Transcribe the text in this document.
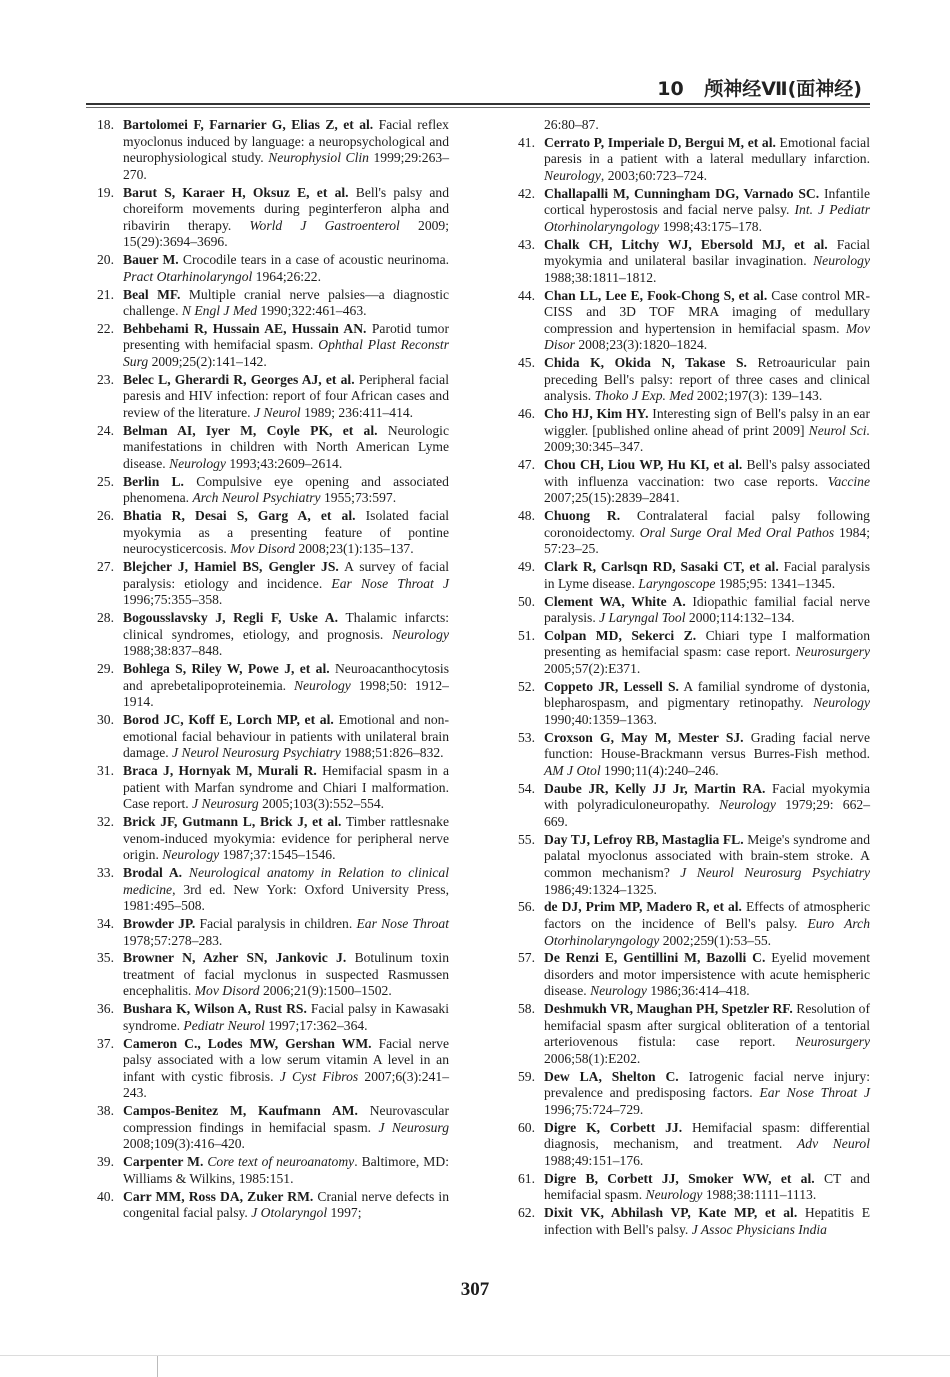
10 颅神经Ⅶ(面神经)
18. Bartolomei F, Farnarier G, Elias Z, et al. Facial reflex myoclonus induced by language: a neuropsychological and neurophysiological study. Neurophysiol Clin 1999;29:263–270.
19. Barut S, Karaer H, Oksuz E, et al. Bell's palsy and choreiform movements during peginterferon alpha and ribavirin therapy. World J Gastroenterol 2009; 15(29):3694–3696.
20. Bauer M. Crocodile tears in a case of acoustic neurinoma. Pract Otarhinolaryngol 1964;26:22.
21. Beal MF. Multiple cranial nerve palsies—a diagnostic challenge. N Engl J Med 1990;322:461–463.
22. Behbehami R, Hussain AE, Hussain AN. Parotid tumor presenting with hemifacial spasm. Ophthal Plast Reconstr Surg 2009;25(2):141–142.
23. Belec L, Gherardi R, Georges AJ, et al. Peripheral facial paresis and HIV infection: report of four African cases and review of the literature. J Neurol 1989; 236:411–414.
24. Belman AI, Iyer M, Coyle PK, et al. Neurologic manifestations in children with North American Lyme disease. Neurology 1993;43:2609–2614.
25. Berlin L. Compulsive eye opening and associated phenomena. Arch Neurol Psychiatry 1955;73:597.
26. Bhatia R, Desai S, Garg A, et al. Isolated facial myokymia as a presenting feature of pontine neurocysticercosis. Mov Disord 2008;23(1):135–137.
27. Blejcher J, Hamiel BS, Gengler JS. A survey of facial paralysis: etiology and incidence. Ear Nose Throat J 1996;75:355–358.
28. Bogousslavsky J, Regli F, Uske A. Thalamic infarcts: clinical syndromes, etiology, and prognosis. Neurology 1988;38:837–848.
29. Bohlega S, Riley W, Powe J, et al. Neuroacanthocytosis and aprebetalipoproteinemia. Neurology 1998;50: 1912–1914.
30. Borod JC, Koff E, Lorch MP, et al. Emotional and non-emotional facial behaviour in patients with unilateral brain damage. J Neurol Neurosurg Psychiatry 1988;51:826–832.
31. Braca J, Hornyak M, Murali R. Hemifacial spasm in a patient with Marfan syndrome and Chiari I malformation. Case report. J Neurosurg 2005;103(3):552–554.
32. Brick JF, Gutmann L, Brick J, et al. Timber rattlesnake venom-induced myokymia: evidence for peripheral nerve origin. Neurology 1987;37:1545–1546.
33. Brodal A. Neurological anatomy in Relation to clinical medicine, 3rd ed. New York: Oxford University Press, 1981:495–508.
34. Browder JP. Facial paralysis in children. Ear Nose Throat 1978;57:278–283.
35. Browner N, Azher SN, Jankovic J. Botulinum toxin treatment of facial myclonus in suspected Rasmussen encephalitis. Mov Disord 2006;21(9):1500–1502.
36. Bushara K, Wilson A, Rust RS. Facial palsy in Kawasaki syndrome. Pediatr Neurol 1997;17:362–364.
37. Cameron C., Lodes MW, Gershan WM. Facial nerve palsy associated with a low serum vitamin A level in an infant with cystic fibrosis. J Cyst Fibros 2007;6(3):241–243.
38. Campos-Benitez M, Kaufmann AM. Neurovascular compression findings in hemifacial spasm. J Neurosurg 2008;109(3):416–420.
39. Carpenter M. Core text of neuroanatomy. Baltimore, MD: Williams & Wilkins, 1985:151.
40. Carr MM, Ross DA, Zuker RM. Cranial nerve defects in congenital facial palsy. J Otolaryngol 1997;
26:80–87.
41. Cerrato P, Imperiale D, Bergui M, et al. Emotional facial paresis in a patient with a lateral medullary infarction. Neurology, 2003;60:723–724.
42. Challapalli M, Cunningham DG, Varnado SC. Infantile cortical hyperostosis and facial nerve palsy. Int. J Pediatr Otorhinolaryngology 1998;43:175–178.
43. Chalk CH, Litchy WJ, Ebersold MJ, et al. Facial myokymia and unilateral basilar invagination. Neurology 1988;38:1811–1812.
44. Chan LL, Lee E, Fook-Chong S, et al. Case control MR-CISS and 3D TOF MRA imaging of medullary compression and hypertension in hemifacial spasm. Mov Disor 2008;23(3):1820–1824.
45. Chida K, Okida N, Takase S. Retroauricular pain preceding Bell's palsy: report of three cases and clinical analysis. Thoko J Exp. Med 2002;197(3): 139–143.
46. Cho HJ, Kim HY. Interesting sign of Bell's palsy in an ear wiggler. [published online ahead of print 2009] Neurol Sci. 2009;30:345–347.
47. Chou CH, Liou WP, Hu KI, et al. Bell's palsy associated with influenza vaccination: two case reports. Vaccine 2007;25(15):2839–2841.
48. Chuong R. Contralateral facial palsy following coronoidectomy. Oral Surge Oral Med Oral Pathos 1984; 57:23–25.
49. Clark R, Carlsqn RD, Sasaki CT, et al. Facial paralysis in Lyme disease. Laryngoscope 1985;95: 1341–1345.
50. Clement WA, White A. Idiopathic familial facial nerve paralysis. J Laryngal Tool 2000;114:132–134.
51. Colpan MD, Sekerci Z. Chiari type I malformation presenting as hemifacial spasm: case report. Neurosurgery 2005;57(2):E371.
52. Coppeto JR, Lessell S. A familial syndrome of dystonia, blepharospasm, and pigmentary retinopathy. Neurology 1990;40:1359–1363.
53. Croxson G, May M, Mester SJ. Grading facial nerve function: House-Brackmann versus Burres-Fish method. AM J Otol 1990;11(4):240–246.
54. Daube JR, Kelly JJ Jr, Martin RA. Facial myokymia with polyradiculoneuropathy. Neurology 1979;29: 662–669.
55. Day TJ, Lefroy RB, Mastaglia FL. Meige's syndrome and palatal myoclonus associated with brain-stem stroke. A common mechanism? J Neurol Neurosurg Psychiatry 1986;49:1324–1325.
56. de DJ, Prim MP, Madero R, et al. Effects of atmospheric factors on the incidence of Bell's palsy. Euro Arch Otorhinolaryngology 2002;259(1):53–55.
57. De Renzi E, Gentillini M, Bazolli C. Eyelid movement disorders and motor impersistence with acute hemispheric disease. Neurology 1986;36:414–418.
58. Deshmukh VR, Maughan PH, Spetzler RF. Resolution of hemifacial spasm after surgical obliteration of a tentorial arteriovenous fistula: case report. Neurosurgery 2006;58(1):E202.
59. Dew LA, Shelton C. Iatrogenic facial nerve injury: prevalence and predisposing factors. Ear Nose Throat J 1996;75:724–729.
60. Digre K, Corbett JJ. Hemifacial spasm: differential diagnosis, mechanism, and treatment. Adv Neurol 1988;49:151–176.
61. Digre B, Corbett JJ, Smoker WW, et al. CT and hemifacial spasm. Neurology 1988;38:1111–1113.
62. Dixit VK, Abhilash VP, Kate MP, et al. Hepatitis E infection with Bell's palsy. J Assoc Physicians India
307
